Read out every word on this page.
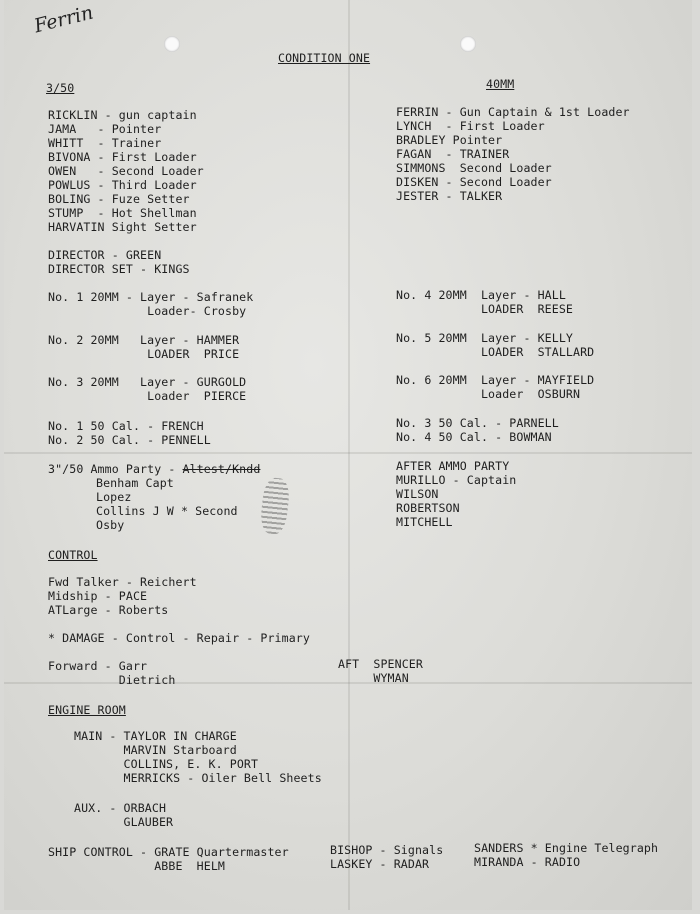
Ferrin
CONDITION ONE
3/50	40MM
RICKLIN - gun captain
JAMA   - Pointer
WHITT  - Trainer
BIVONA - First Loader
OWEN   - Second Loader
POWLUS - Third Loader
BOLING - Fuze Setter
STUMP  - Hot Shellman
HARVATIN Sight Setter
FERRIN - Gun Captain & 1st Loader
LYNCH  - First Loader
BRADLEY Pointer
FAGAN  - TRAINER
SIMMONS  Second Loader
DISKEN - Second Loader
JESTER - TALKER
DIRECTOR - GREEN
DIRECTOR SET - KINGS
No. 1 20MM - Layer - Safranek
Loader- Crosby
No. 2 20MM   Layer - HAMMER
LOADER  PRICE
No. 3 20MM   Layer - GURGOLD
Loader  PIERCE
No. 4 20MM  Layer - HALL
LOADER  REESE
No. 5 20MM  Layer - KELLY
LOADER  STALLARD
No. 6 20MM  Layer - MAYFIELD
Loader  OSBURN
No. 1 50 Cal. - FRENCH
No. 2 50 Cal. - PENNELL
No. 3 50 Cal. - PARNELL
No. 4 50 Cal. - BOWMAN
3"/50 Ammo Party - Altest/Kndd
Benham Capt
Lopez
Collins J W * Second
Osby
AFTER AMMO PARTY
MURILLO - Captain
WILSON
ROBERTSON
MITCHELL
CONTROL
Fwd Talker - Reichert
Midship - PACE
ATLarge - Roberts
* DAMAGE - Control - Repair - Primary
Forward - Garr
Dietrich
AFT  SPENCER
WYMAN
ENGINE ROOM
MAIN - TAYLOR IN CHARGE
MARVIN Starboard
COLLINS, E. K. PORT
MERRICKS - Oiler Bell Sheets
AUX. - ORBACH
GLAUBER
SHIP CONTROL - GRATE Quartermaster
ABBE  HELM
BISHOP - Signals
LASKEY - RADAR
SANDERS * Engine Telegraph
MIRANDA - RADIO
